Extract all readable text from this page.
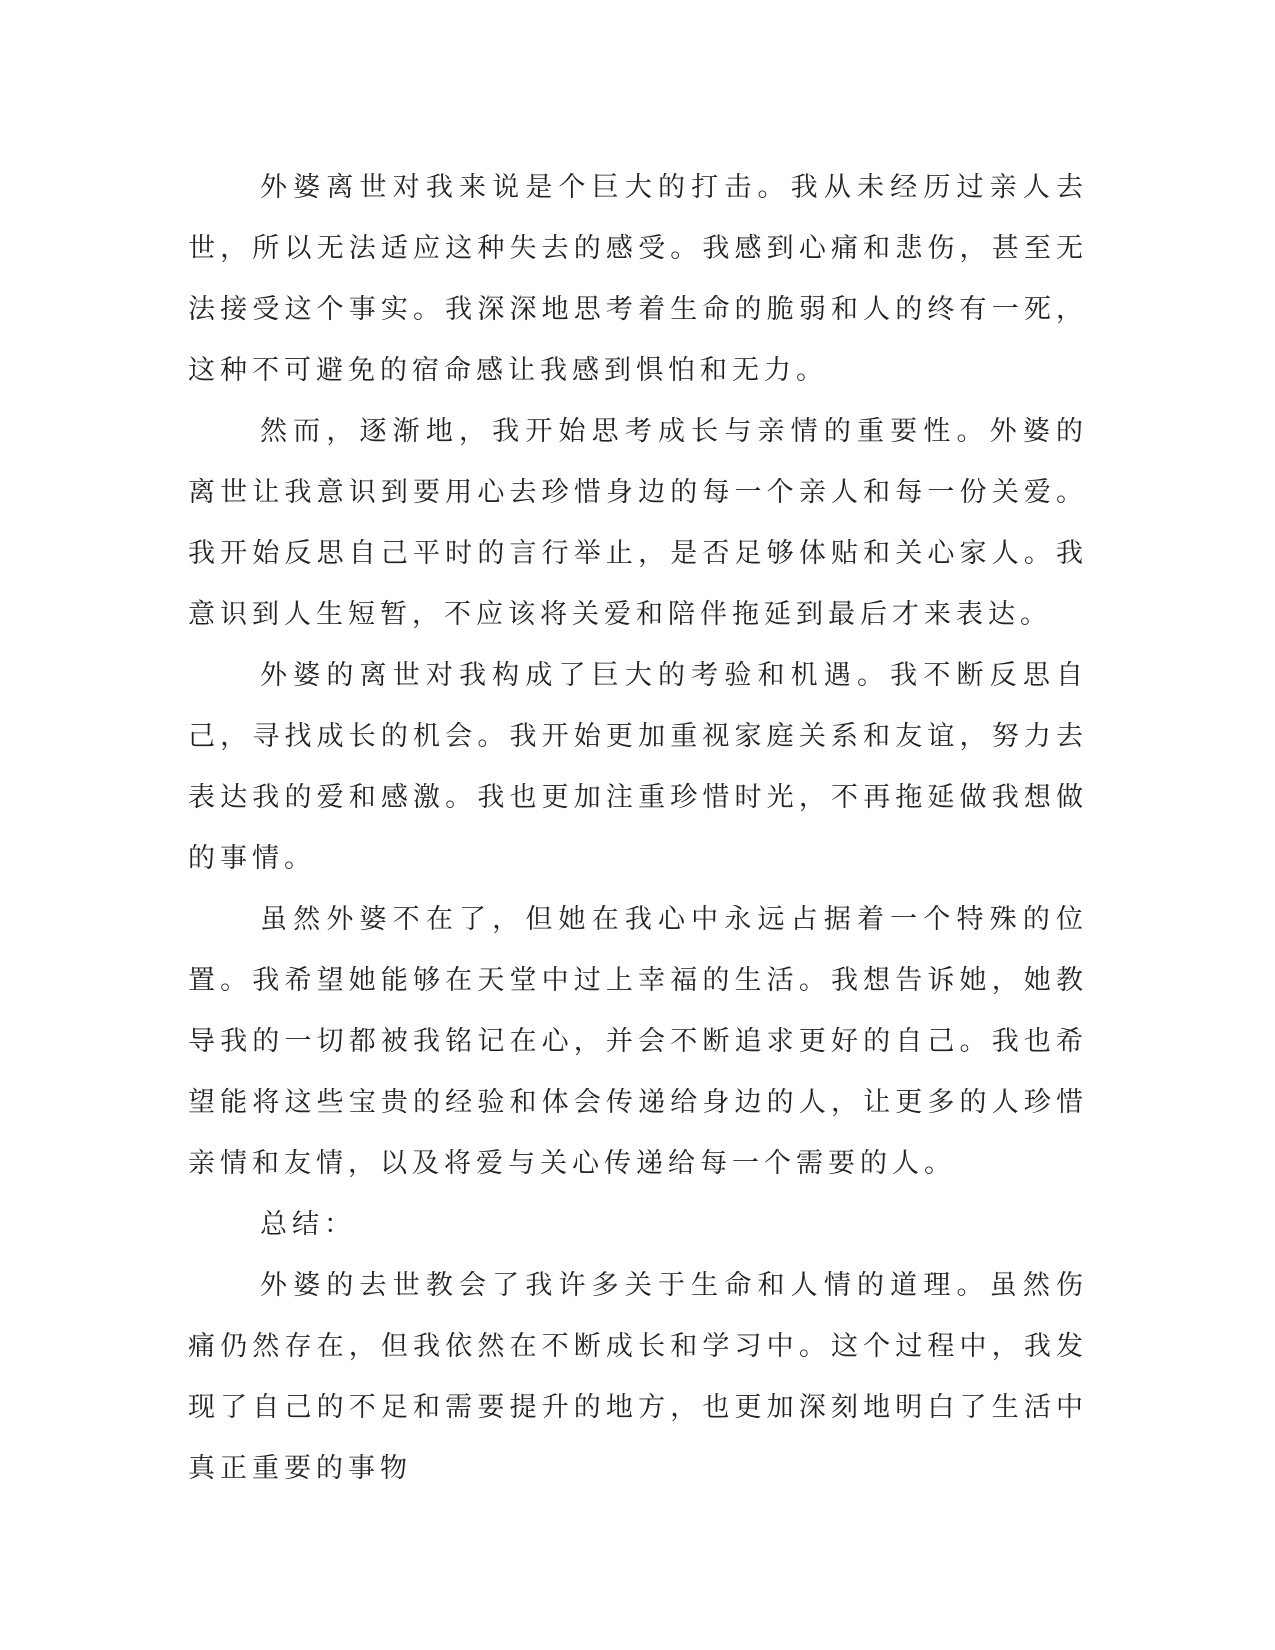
外婆离世对我来说是个巨大的打击。我从未经历过亲人去世，所以无法适应这种失去的感受。我感到心痛和悲伤，甚至无法接受这个事实。我深深地思考着生命的脆弱和人的终有一死，这种不可避免的宿命感让我感到惧怕和无力。

然而，逐渐地，我开始思考成长与亲情的重要性。外婆的离世让我意识到要用心去珍惜身边的每一个亲人和每一份关爱。我开始反思自己平时的言行举止，是否足够体贴和关心家人。我意识到人生短暂，不应该将关爱和陪伴拖延到最后才来表达。

外婆的离世对我构成了巨大的考验和机遇。我不断反思自己，寻找成长的机会。我开始更加重视家庭关系和友谊，努力去表达我的爱和感激。我也更加注重珍惜时光，不再拖延做我想做的事情。

虽然外婆不在了，但她在我心中永远占据着一个特殊的位置。我希望她能够在天堂中过上幸福的生活。我想告诉她，她教导我的一切都被我铭记在心，并会不断追求更好的自己。我也希望能将这些宝贵的经验和体会传递给身边的人，让更多的人珍惜亲情和友情，以及将爱与关心传递给每一个需要的人。

总结：

外婆的去世教会了我许多关于生命和人情的道理。虽然伤痛仍然存在，但我依然在不断成长和学习中。这个过程中，我发现了自己的不足和需要提升的地方，也更加深刻地明白了生活中真正重要的事物
